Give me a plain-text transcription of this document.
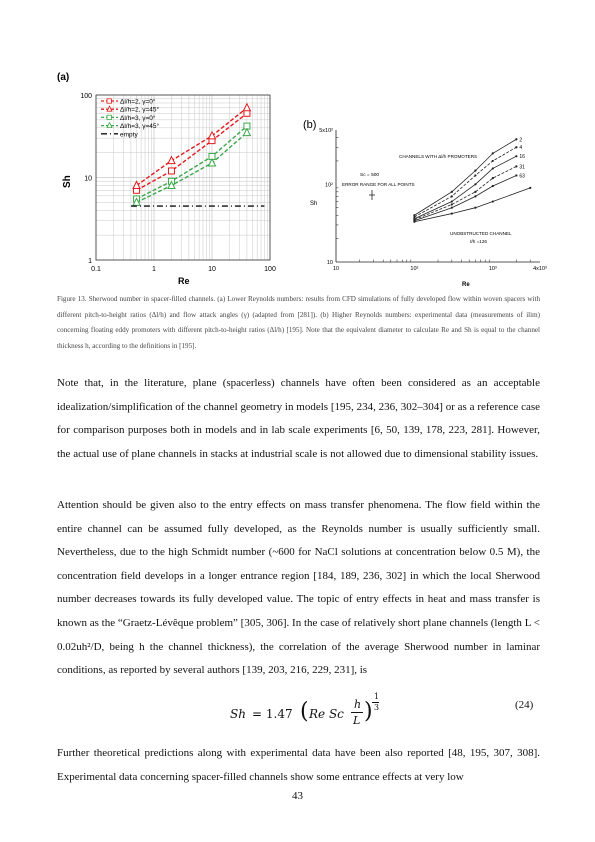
(a)
0.1	1	10	100
1
10
100
Δl/h=2, γ=0°
Δl/h=2, γ=45°
Δl/h=3, γ=0°
Δl/h=3, γ=45°
empty
Sh
Re
(b) 5x10²
10²
10
10	10²	10³	4x10³
2
4
16
31
63
CHANNELS WITH Δl/h PROMOTERS
Sc = 500
ERROR RANGE FOR ALL POINTS
UNOBSTRUCTED CHANNEL
ℓ/h =126
Sh
Re
Figure 13. Sherwood number in spacer-filled channels. (a) Lower Reynolds numbers: results from CFD simulations of fully developed flow within woven spacers with different pitch-to-height ratios (Δl/h) and flow attack angles (γ) (adapted from [281]). (b) Higher Reynolds numbers: experimental data (measurements of ilim) concerning floating eddy promoters with different pitch-to-height ratios (Δl/h) [195]. Note that the equivalent diameter to calculate Re and Sh is equal to the channel thickness h, according to the definitions in [195].
Note that, in the literature, plane (spacerless) channels have often been considered as an acceptable idealization/simplification of the channel geometry in models [195, 234, 236, 302–304] or as a reference case for comparison purposes both in models and in lab scale experiments [6, 50, 139, 178, 223, 281]. However, the actual use of plane channels in stacks at industrial scale is not allowed due to dimensional stability issues.
Attention should be given also to the entry effects on mass transfer phenomena. The flow field within the entire channel can be assumed fully developed, as the Reynolds number is usually sufficiently small. Nevertheless, due to the high Schmidt number (~600 for NaCl solutions at concentration below 0.5 M), the concentration field develops in a longer entrance region [184, 189, 236, 302] in which the local Sherwood number decreases towards its fully developed value. The topic of entry effects in heat and mass transfer is known as the “Graetz-Lévêque problem” [305, 306]. In the case of relatively short plane channels (length L < 0.02uh²/D, being h the channel thickness), the correlation of the average Sherwood number in laminar conditions, as reported by several authors [139, 203, 216, 229, 231], is
Sh = 1.47 ( Re Sc
h
L )
1
3	(24)
Further theoretical predictions along with experimental data have been also reported [48, 195, 307, 308]. Experimental data concerning spacer-filled channels show some entrance effects at very low
43
